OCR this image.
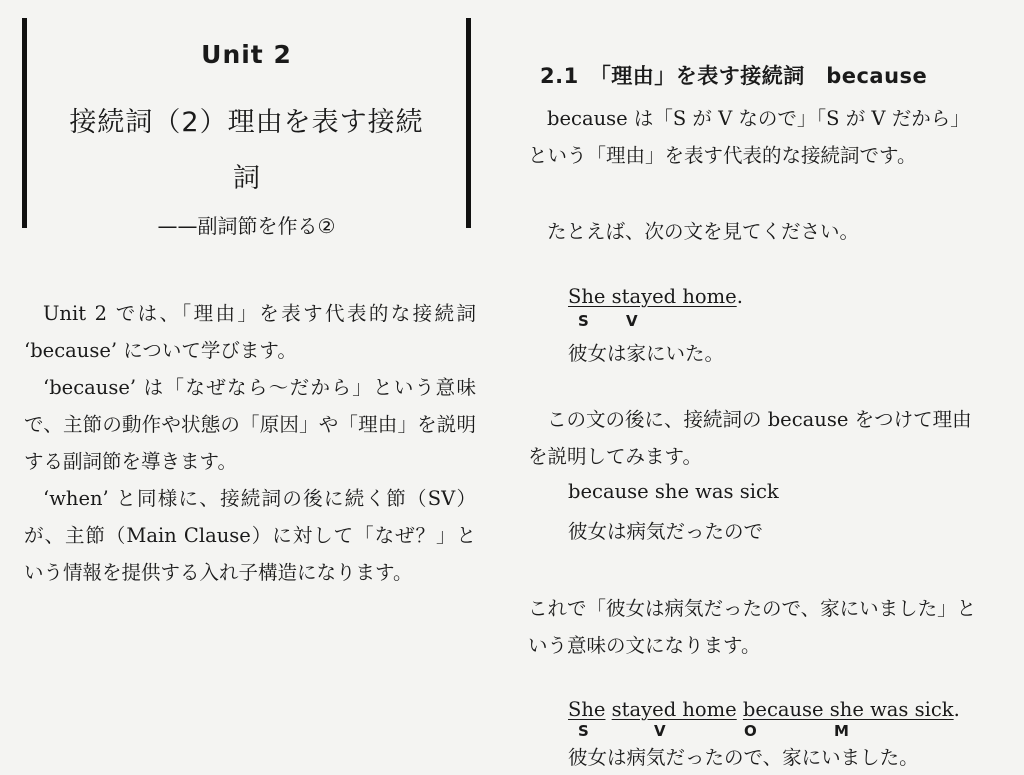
Unit 2
接続詞（2）理由を表す接続
詞
——副詞節を作る②

Unit 2 では、「理由」を表す代表的な接続詞 ‘because’ について学びます。

‘because’ は「なぜなら〜だから」という意味で、主節の動作や状態の「原因」や「理由」を説明する副詞節を導きます。

‘when’ と同様に、接続詞の後に続く節（SV）が、主節（Main Clause）に対して「なぜ？」という情報を提供する入れ子構造になります。

2.1　「理由」を表す接続詞　because

because は「S が V なので」「S が V だから」という「理由」を表す代表的な接続詞です。

たとえば、次の文を見てください。

She stayed home.
S V
彼女は家にいた。

この文の後に、接続詞の because をつけて理由を説明してみます。

because she was sick
彼女は病気だったので

これで「彼女は病気だったので、家にいました」という意味の文になります。

She stayed home because she was sick.
S	V	O	M
彼女は病気だったので、家にいました。
